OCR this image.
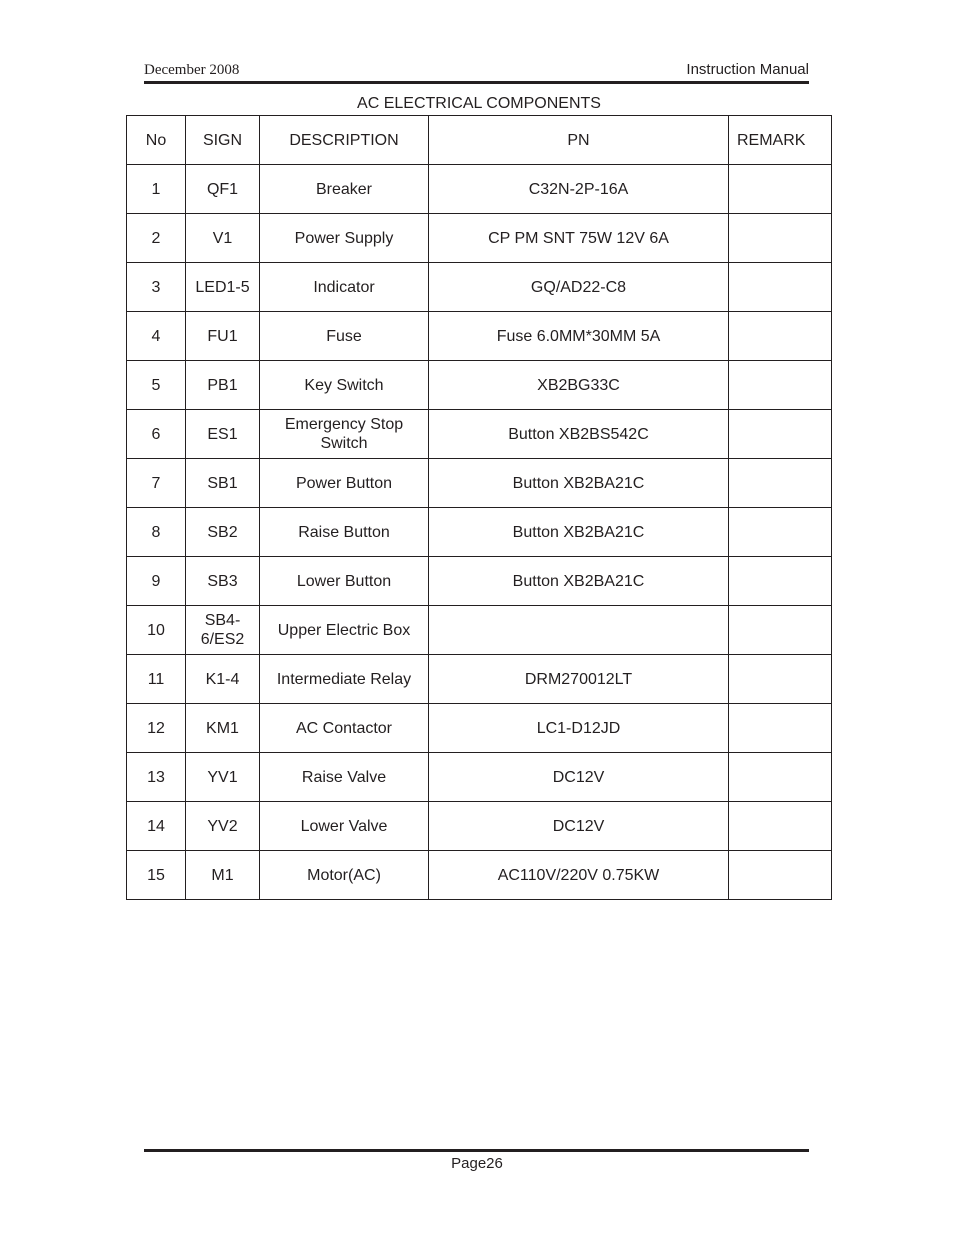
December 2008	Instruction Manual
AC ELECTRICAL COMPONENTS
No	SIGN	DESCRIPTION	PN	REMARK
1	QF1	Breaker	C32N-2P-16A	
2	V1	Power Supply	CP PM SNT 75W 12V 6A	
3	LED1-5	Indicator	GQ/AD22-C8	
4	FU1	Fuse	Fuse 6.0MM*30MM 5A	
5	PB1	Key Switch	XB2BG33C	
6	ES1	Emergency Stop Switch	Button XB2BS542C	
7	SB1	Power Button	Button XB2BA21C	
8	SB2	Raise Button	Button XB2BA21C	
9	SB3	Lower Button	Button XB2BA21C	
10	SB4-6/ES2	Upper Electric Box		
11	K1-4	Intermediate Relay	DRM270012LT	
12	KM1	AC Contactor	LC1-D12JD	
13	YV1	Raise Valve	DC12V	
14	YV2	Lower Valve	DC12V	
15	M1	Motor(AC)	AC110V/220V 0.75KW	
Page26
